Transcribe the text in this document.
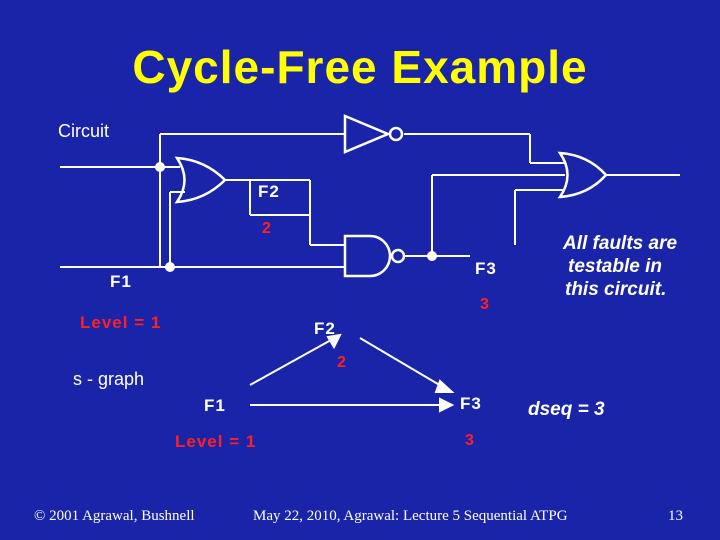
Cycle-Free Example
Circuit
s - graph
F2
2
F1
F3
3
Level = 1	F2
2
F1	F3
3
Level = 1
All faults are
testable in
this circuit.
dseq = 3
© 2001 Agrawal, Bushnell	May 22, 2010, Agrawal: Lecture 5 Sequential ATPG	13
